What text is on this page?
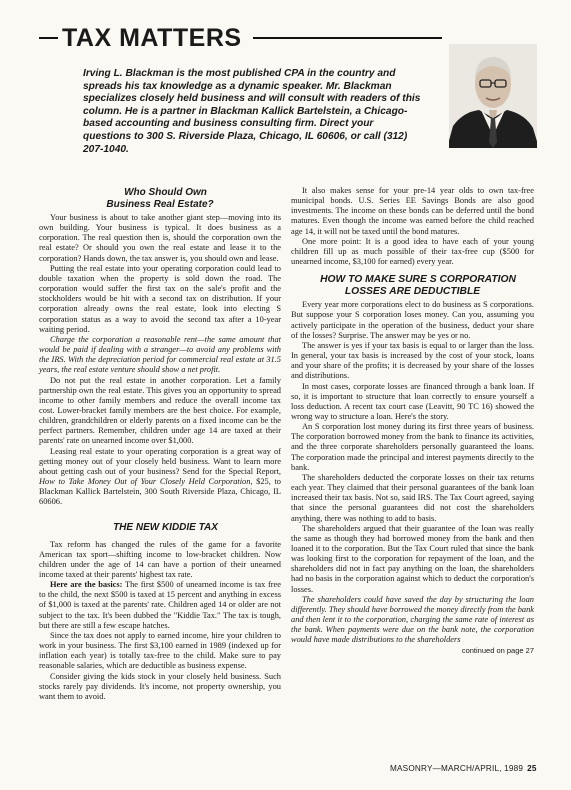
TAX MATTERS
Irving L. Blackman is the most published CPA in the country and spreads his tax knowledge as a dynamic speaker. Mr. Blackman specializes closely held business and will consult with readers of this column. He is a partner in Blackman Kallick Bartelstein, a Chicago-based accounting and business consulting firm. Direct your questions to 300 S. Riverside Plaza, Chicago, IL 60606, or call (312) 207-1040.

Who Should Own
Business Real Estate?

Your business is about to take another giant step—moving into its own building. Your business is typical. It does business as a corporation. The real question then is, should the corporation own the real estate? Or should you own the real estate and lease it to the corporation? Hands down, the tax answer is, you should own and lease.

Putting the real estate into your operating corporation could lead to double taxation when the property is sold down the road. The corporation would suffer the first tax on the sale's profit and the stockholders would be hit with a second tax on distribution. If your corporation already owns the real estate, look into electing S corporation status as a way to avoid the second tax after a 10-year waiting period.

Charge the corporation a reasonable rent—the same amount that would be paid if dealing with a stranger—to avoid any problems with the IRS. With the depreciation period for commercial real estate at 31.5 years, the real estate venture should show a net profit.

Do not put the real estate in another corporation. Let a family partnership own the real estate. This gives you an opportunity to spread income to other family members and reduce the overall income tax cost. Lower-bracket family members are the best choice. For example, children, grandchildren or elderly parents on a fixed income can be the perfect partners. Remember, children under age 14 are taxed at their parents' rate on unearned income over $1,000.

Leasing real estate to your operating corporation is a great way of getting money out of your closely held business. Want to learn more about getting cash out of your business? Send for the Special Report, How to Take Money Out of Your Closely Held Corporation, $25, to Blackman Kallick Bartelstein, 300 South Riverside Plaza, Chicago, IL 60606.

THE NEW KIDDIE TAX

Tax reform has changed the rules of the game for a favorite American tax sport—shifting income to low-bracket children. Now children under the age of 14 can have a portion of their unearned income taxed at their parents' highest tax rate.

Here are the basics: The first $500 of unearned income is tax free to the child, the next $500 is taxed at 15 percent and anything in excess of $1,000 is taxed at the parents' rate. Children aged 14 or older are not subject to the tax. It's been dubbed the "Kiddie Tax." The tax is tough, but there are still a few escape hatches.

Since the tax does not apply to earned income, hire your children to work in your business. The first $3,100 earned in 1989 (indexed up for inflation each year) is totally tax-free to the child. Make sure to pay reasonable salaries, which are deductible as business expense.

Consider giving the kids stock in your closely held business. Such stocks rarely pay dividends. It's income, not property ownership, you want them to avoid.

It also makes sense for your pre-14 year olds to own tax-free municipal bonds. U.S. Series EE Savings Bonds are also good investments. The income on these bonds can be deferred until the bond matures. Even though the income was earned before the child reached age 14, it will not be taxed until the bond matures.

One more point: It is a good idea to have each of your young children fill up as much possible of their tax-free cup ($500 for unearned income, $3,100 for earned) every year.

HOW TO MAKE SURE S CORPORATION
LOSSES ARE DEDUCTIBLE

Every year more corporations elect to do business as S corporations. But suppose your S corporation loses money. Can you, assuming you actively participate in the operation of the business, deduct your share of the losses? Surprise. The answer may be yes or no.

The answer is yes if your tax basis is equal to or larger than the loss. In general, your tax basis is increased by the cost of your stock, loans and your share of the profits; it is decreased by your share of the losses and distributions.

In most cases, corporate losses are financed through a bank loan. If so, it is important to structure that loan correctly to ensure yourself a loss deduction. A recent tax court case (Leavitt, 90 TC 16) showed the wrong way to structure a loan. Here's the story.

An S corporation lost money during its first three years of business. The corporation borrowed money from the bank to finance its activities, and the three corporate shareholders personally guaranteed the loans. The corporation made the principal and interest payments directly to the bank.

The shareholders deducted the corporate losses on their tax returns each year. They claimed that their personal guarantees of the bank loan increased their tax basis. Not so, said IRS. The Tax Court agreed, saying that since the personal guarantees did not cost the shareholders anything, there was nothing to add to basis.

The shareholders argued that their guarantee of the loan was really the same as though they had borrowed money from the bank and then loaned it to the corporation. But the Tax Court ruled that since the bank was looking first to the corporation for repayment of the loan, and the shareholders did not in fact pay anything on the loan, the shareholders had no basis in the corporation against which to deduct the corporation's losses.

The shareholders could have saved the day by structuring the loan differently. They should have borrowed the money directly from the bank and then lent it to the corporation, charging the same rate of interest as the bank. When payments were due on the bank note, the corporation would have made distributions to the shareholders

continued on page 27

MASONRY—MARCH/APRIL, 1989 25
